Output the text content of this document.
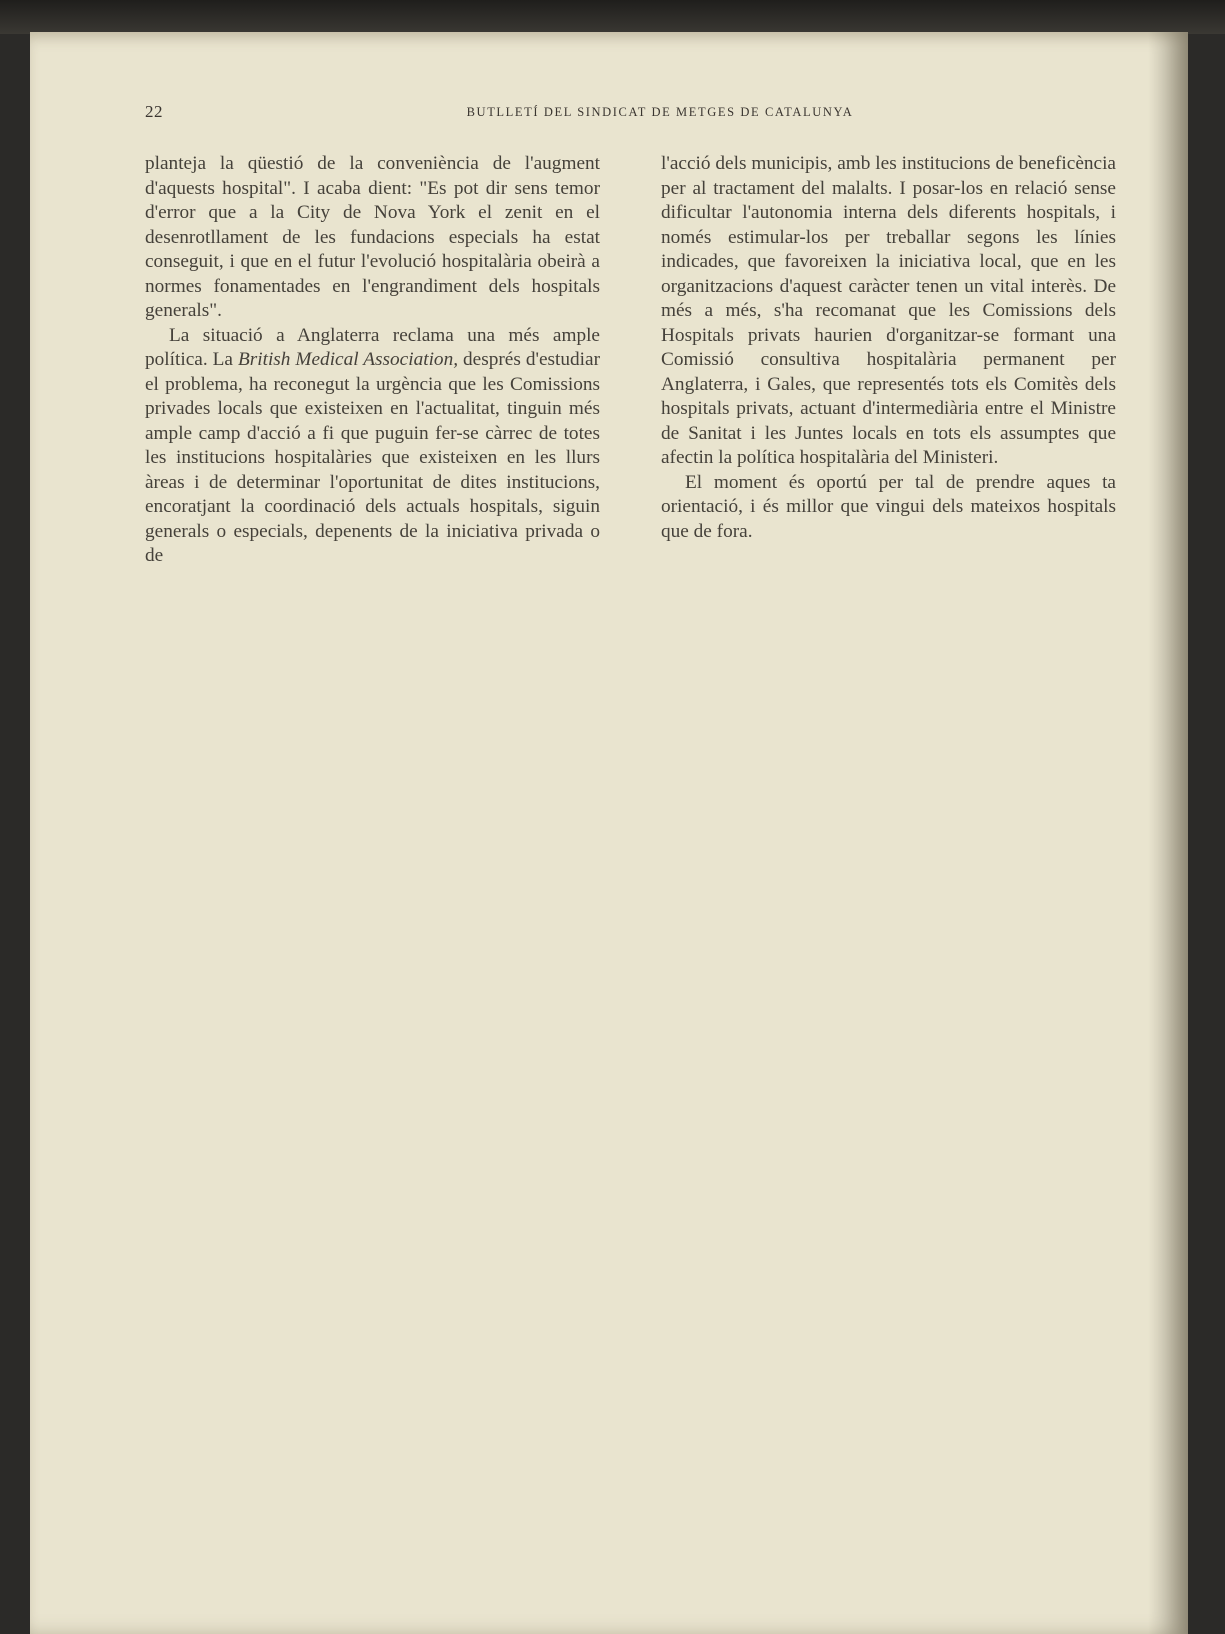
22	BUTLLETÍ DEL SINDICAT DE METGES DE CATALUNYA

planteja la qüestió de la conveniència de l'augment d'aquests hospital". I acaba dient: "Es pot dir sens temor d'error que a la City de Nova York el zenit en el desenrotllament de les fundacions especials ha estat conseguit, i que en el futur l'evolució hospitalària obeirà a normes fonamentades en l'engrandiment dels hospitals generals".

La situació a Anglaterra reclama una més ample política. La British Medical Association, després d'estudiar el problema, ha reconegut la urgència que les Comissions privades locals que existeixen en l'actualitat, tinguin més ample camp d'acció a fi que puguin fer-se càrrec de totes les institucions hospitalàries que existeixen en les llurs àreas i de determinar l'oportunitat de dites institucions, encoratjant la coordinació dels actuals hospitals, siguin generals o especials, depenents de la iniciativa privada o de

l'acció dels municipis, amb les institucions de beneficència per al tractament del malalts. I posar-los en relació sense dificultar l'autonomia interna dels diferents hospitals, i només estimular-los per treballar segons les línies indicades, que favoreixen la iniciativa local, que en les organitzacions d'aquest caràcter tenen un vital interès. De més a més, s'ha recomanat que les Comissions dels Hospitals privats haurien d'organitzar-se formant una Comissió consultiva hospitalària permanent per Anglaterra, i Gales, que representés tots els Comitès dels hospitals privats, actuant d'intermediària entre el Ministre de Sanitat i les Juntes locals en tots els assumptes que afectin la política hospitalària del Ministeri.

El moment és oportú per tal de prendre aques ta orientació, i és millor que vingui dels mateixos hospitals que de fora.
